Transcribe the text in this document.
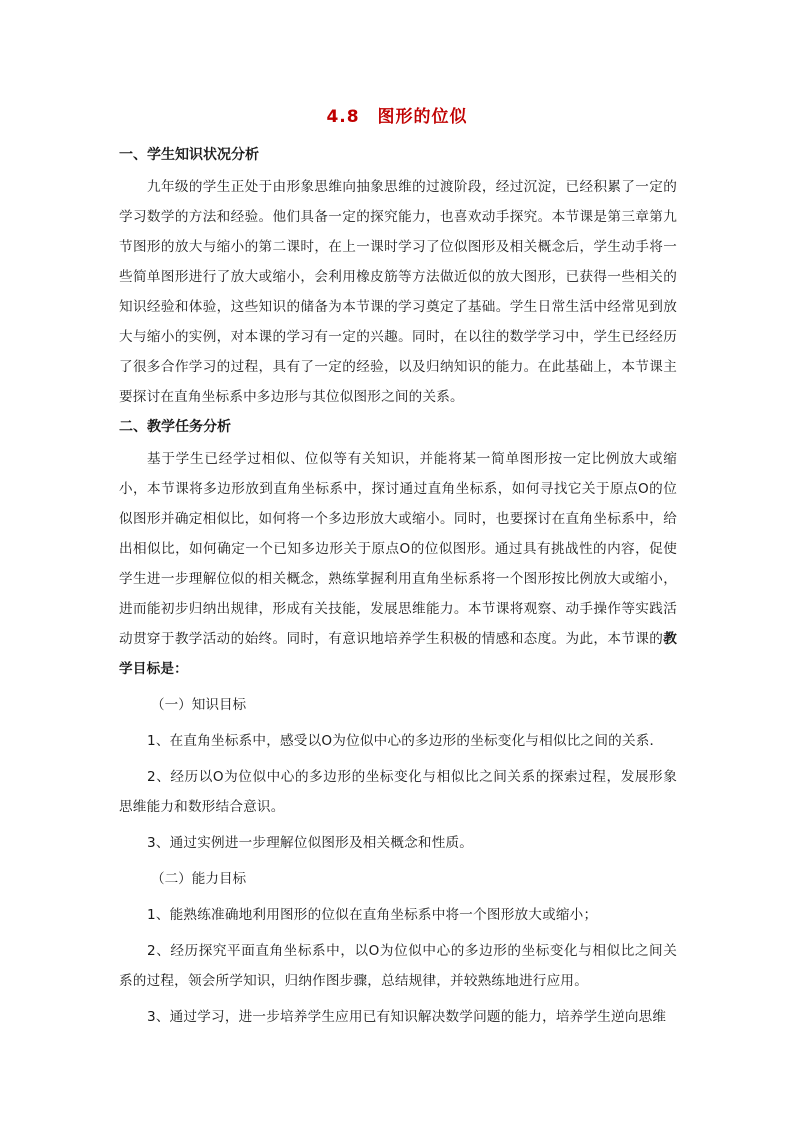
4.8　图形的位似

一、学生知识状况分析

九年级的学生正处于由形象思维向抽象思维的过渡阶段，经过沉淀，已经积累了一定的学习数学的方法和经验。他们具备一定的探究能力，也喜欢动手探究。本节课是第三章第九节图形的放大与缩小的第二课时，在上一课时学习了位似图形及相关概念后，学生动手将一些简单图形进行了放大或缩小，会利用橡皮筋等方法做近似的放大图形，已获得一些相关的知识经验和体验，这些知识的储备为本节课的学习奠定了基础。学生日常生活中经常见到放大与缩小的实例，对本课的学习有一定的兴趣。同时，在以往的数学学习中，学生已经经历了很多合作学习的过程，具有了一定的经验，以及归纳知识的能力。在此基础上，本节课主要探讨在直角坐标系中多边形与其位似图形之间的关系。

二、教学任务分析

基于学生已经学过相似、位似等有关知识，并能将某一简单图形按一定比例放大或缩小，本节课将多边形放到直角坐标系中，探讨通过直角坐标系，如何寻找它关于原点O的位似图形并确定相似比，如何将一个多边形放大或缩小。同时，也要探讨在直角坐标系中，给出相似比，如何确定一个已知多边形关于原点O的位似图形。通过具有挑战性的内容，促使学生进一步理解位似的相关概念，熟练掌握利用直角坐标系将一个图形按比例放大或缩小，进而能初步归纳出规律，形成有关技能，发展思维能力。本节课将观察、动手操作等实践活动贯穿于教学活动的始终。同时，有意识地培养学生积极的情感和态度。为此，本节课的教学目标是：

（一）知识目标

1、在直角坐标系中，感受以O为位似中心的多边形的坐标变化与相似比之间的关系．

2、经历以O为位似中心的多边形的坐标变化与相似比之间关系的探索过程，发展形象思维能力和数形结合意识。

3、通过实例进一步理解位似图形及相关概念和性质。

（二）能力目标

1、能熟练准确地利用图形的位似在直角坐标系中将一个图形放大或缩小；

2、经历探究平面直角坐标系中，以O为位似中心的多边形的坐标变化与相似比之间关系的过程，领会所学知识，归纳作图步骤，总结规律，并较熟练地进行应用。

3、通过学习，进一步培养学生应用已有知识解决数学问题的能力，培养学生逆向思维
